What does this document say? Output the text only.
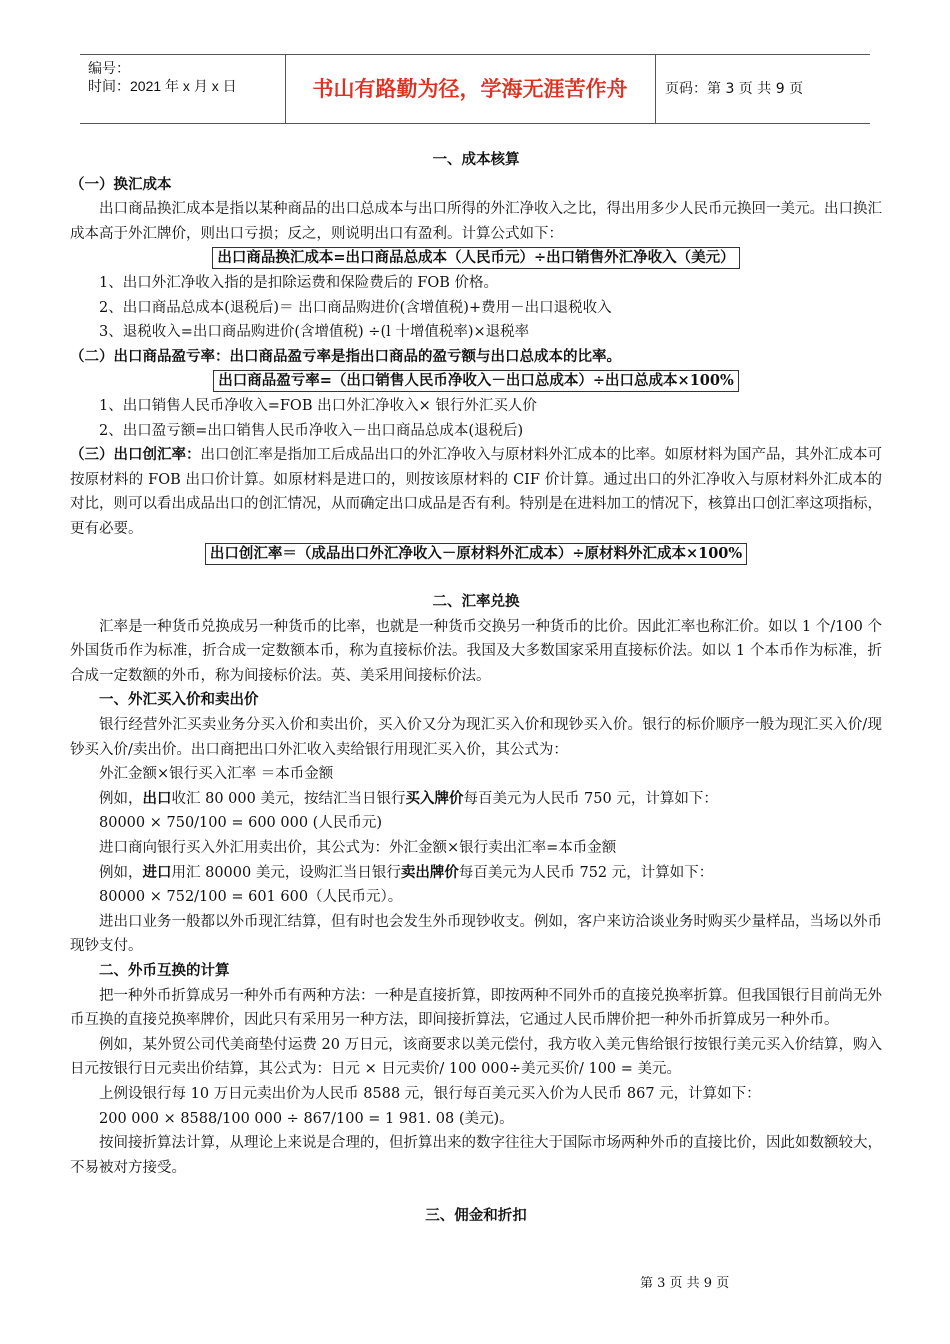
编号：
时间：2021 年 x 月 x 日	书山有路勤为径，学海无涯苦作舟	页码：第 3 页 共 9 页

一、成本核算

（一）换汇成本

出口商品换汇成本是指以某种商品的出口总成本与出口所得的外汇净收入之比，得出用多少人民币元换回一美元。出口换汇成本高于外汇牌价，则出口亏损；反之，则说明出口有盈利。计算公式如下：

出口商品换汇成本=出口商品总成本（人民币元）÷出口销售外汇净收入（美元）

1、出口外汇净收入指的是扣除运费和保险费后的 FOB 价格。

2、出口商品总成本(退税后)＝ 出口商品购进价(含增值税)+费用－出口退税收入

3、退税收入=出口商品购进价(含增值税) ÷(l 十增值税率)×退税率

（二）出口商品盈亏率：出口商品盈亏率是指出口商品的盈亏额与出口总成本的比率。

出口商品盈亏率=（出口销售人民币净收入－出口总成本）÷出口总成本×100%

1、出口销售人民币净收入=FOB 出口外汇净收入× 银行外汇买人价

2、出口盈亏额=出口销售人民币净收入－出口商品总成本(退税后)

（三）出口创汇率：出口创汇率是指加工后成品出口的外汇净收入与原材料外汇成本的比率。如原材料为国产品，其外汇成本可按原材料的 FOB 出口价计算。如原材料是进口的，则按该原材料的 CIF 价计算。通过出口的外汇净收入与原材料外汇成本的对比，则可以看出成品出口的创汇情况，从而确定出口成品是否有利。特别是在进料加工的情况下，核算出口创汇率这项指标，更有必要。

出口创汇率＝（成品出口外汇净收入－原材料外汇成本）÷原材料外汇成本×100%

二、汇率兑换

汇率是一种货币兑换成另一种货币的比率，也就是一种货币交换另一种货币的比价。因此汇率也称汇价。如以 1 个/100 个外国货币作为标准，折合成一定数额本币，称为直接标价法。我国及大多数国家采用直接标价法。如以 1 个本币作为标准，折合成一定数额的外币，称为间接标价法。英、美采用间接标价法。

一、外汇买入价和卖出价

银行经营外汇买卖业务分买入价和卖出价，买入价又分为现汇买入价和现钞买入价。银行的标价顺序一般为现汇买入价/现钞买入价/卖出价。出口商把出口外汇收入卖给银行用现汇买入价，其公式为：

外汇金额×银行买入汇率 ＝本币金额

例如，出口收汇 80 000 美元，按结汇当日银行买入牌价每百美元为人民币 750 元，计算如下：

80000 × 750/100 = 600 000 (人民币元)

进口商向银行买入外汇用卖出价，其公式为：外汇金额×银行卖出汇率=本币金额

例如，进口用汇 80000 美元，设购汇当日银行卖出牌价每百美元为人民币 752 元，计算如下：

80000 × 752/100 = 601 600（人民币元）。

进出口业务一般都以外币现汇结算，但有时也会发生外币现钞收支。例如，客户来访洽谈业务时购买少量样品，当场以外币现钞支付。

二、外币互换的计算

把一种外币折算成另一种外币有两种方法：一种是直接折算，即按两种不同外币的直接兑换率折算。但我国银行目前尚无外币互换的直接兑换率牌价，因此只有采用另一种方法，即间接折算法，它通过人民币牌价把一种外币折算成另一种外币。

例如，某外贸公司代美商垫付运费 20 万日元，该商要求以美元偿付，我方收入美元售给银行按银行美元买入价结算，购入日元按银行日元卖出价结算，其公式为：日元 × 日元卖价/ 100 000÷美元买价/ 100 = 美元。

上例设银行每 10 万日元卖出价为人民币 8588 元，银行每百美元买入价为人民币 867 元，计算如下：

200 000 × 8588/100 000 ÷ 867/100 = 1 981. 08 (美元)。

按间接折算法计算，从理论上来说是合理的，但折算出来的数字往往大于国际市场两种外币的直接比价，因此如数额较大，不易被对方接受。

三、佣金和折扣

第 3 页 共 9 页
